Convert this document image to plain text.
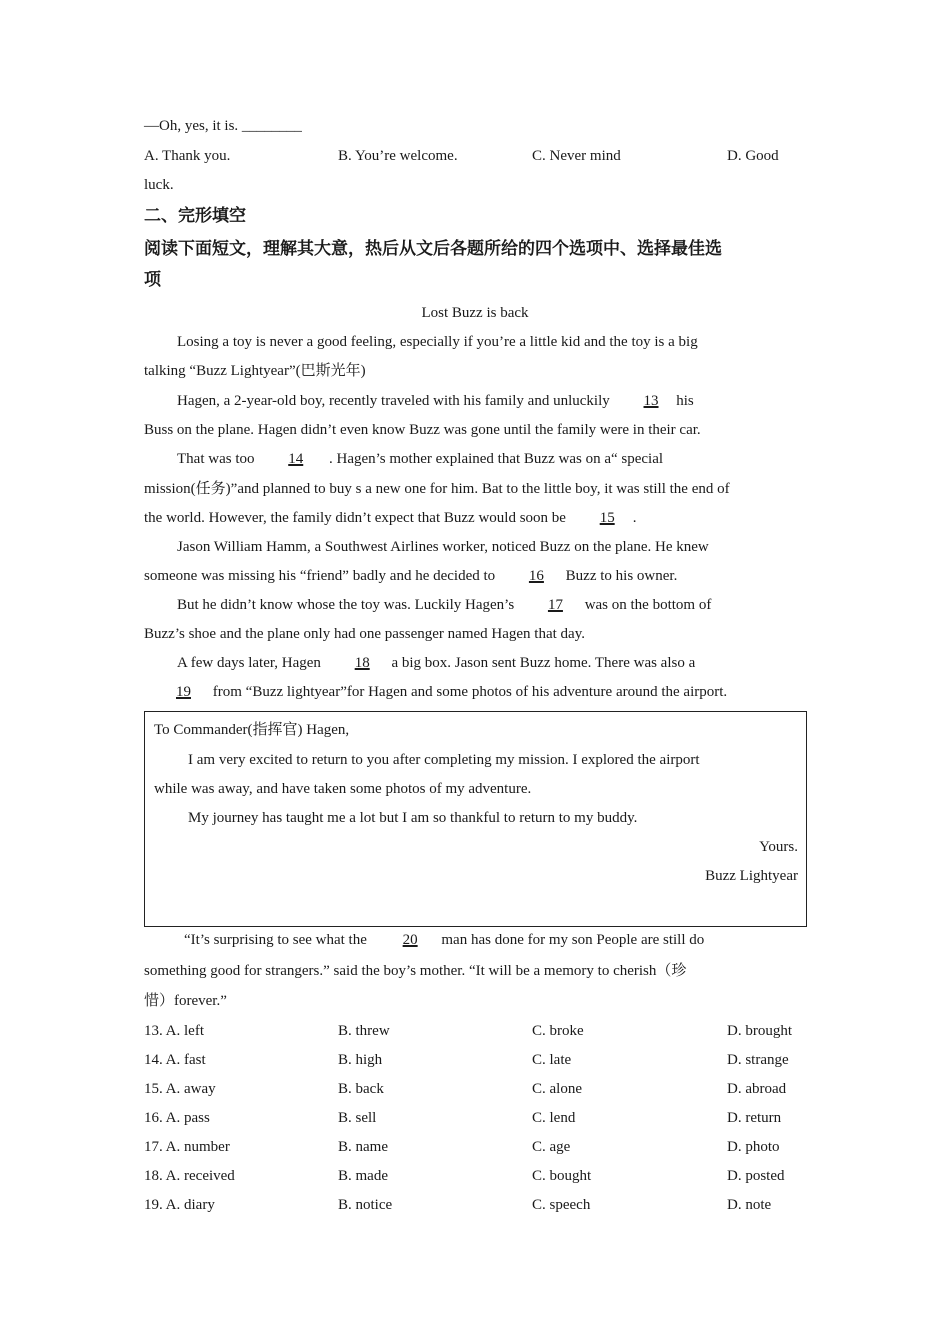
—Oh, yes, it is. ________
A. Thank you.	B. You’re welcome.	C. Never mind	D. Good
luck.
二、完形填空
阅读下面短文，理解其大意，热后从文后各题所给的四个选项中、选择最佳选
项
Lost Buzz is back
Losing a toy is never a good feeling, especially if you’re a little kid and the toy is a big
talking “Buzz Lightyear”(巴斯光年)
Hagen, a 2-year-old boy, recently traveled with his family and unluckily 13 his
Buss on the plane. Hagen didn’t even know Buzz was gone until the family were in their car.
That was too 14 . Hagen’s mother explained that Buzz was on a“ special
mission(任务)”and planned to buy s a new one for him. Bat to the little boy, it was still the end of
the world. However, the family didn’t expect that Buzz would soon be 15 .
Jason William Hamm, a Southwest Airlines worker, noticed Buzz on the plane. He knew
someone was missing his “friend” badly and he decided to 16 Buzz to his owner.
But he didn’t know whose the toy was. Luckily Hagen’s 17 was on the bottom of
Buzz’s shoe and the plane only had one passenger named Hagen that day.
A few days later, Hagen 18 a big box. Jason sent Buzz home. There was also a
19 from “Buzz lightyear”for Hagen and some photos of his adventure around the airport.
To Commander(指挥官) Hagen,
I am very excited to return to you after completing my mission. I explored the airport
while was away, and have taken some photos of my adventure.
My journey has taught me a lot but I am so thankful to return to my buddy.
Yours.
Buzz Lightyear
“It’s surprising to see what the 20 man has done for my son People are still do
something good for strangers.” said the boy’s mother. “It will be a memory to cherish（珍
惜）forever.”
13. A. left	B. threw	C. broke	D. brought
14. A. fast	B. high	C. late	D. strange
15. A. away	B. back	C. alone	D. abroad
16. A. pass	B. sell	C. lend	D. return
17. A. number	B. name	C. age	D. photo
18. A. received	B. made	C. bought	D. posted
19. A. diary	B. notice	C. speech	D. note
